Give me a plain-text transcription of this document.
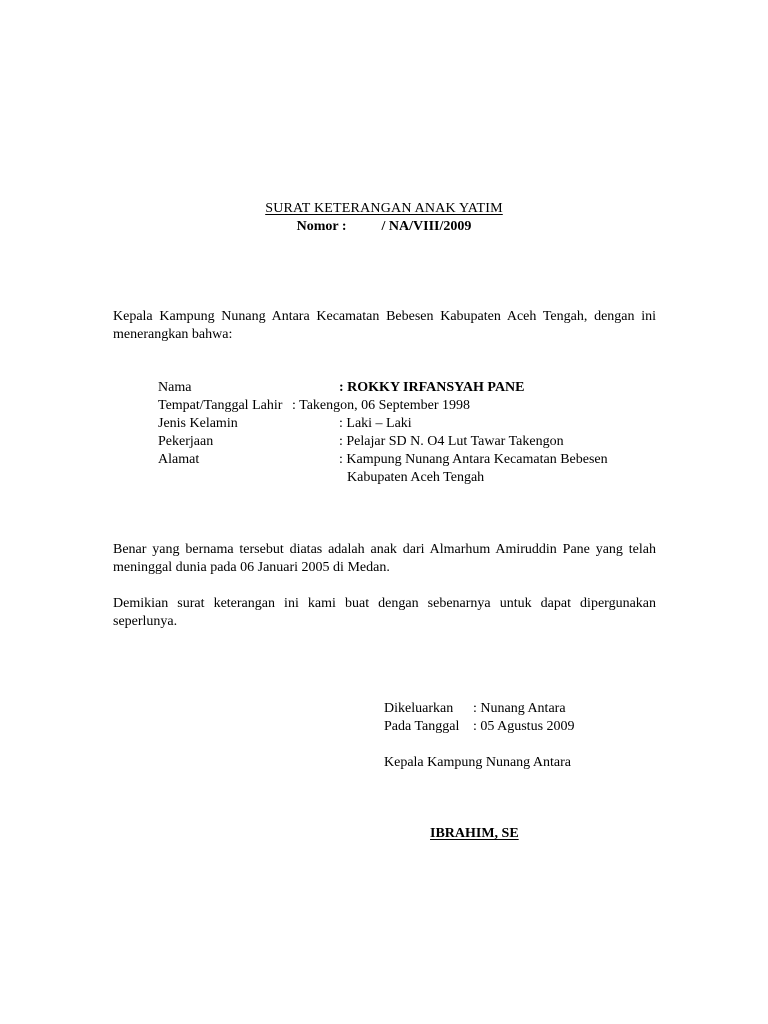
SURAT KETERANGAN ANAK YATIM
Nomor :          / NA/VIII/2009
Kepala Kampung Nunang Antara Kecamatan Bebesen Kabupaten Aceh Tengah, dengan ini menerangkan bahwa:
Nama	: ROKKY IRFANSYAH PANE
Tempat/Tanggal Lahir : Takengon, 06 September 1998
Jenis Kelamin	: Laki – Laki
Pekerjaan	: Pelajar SD N. O4 Lut Tawar Takengon
Alamat	: Kampung Nunang Antara Kecamatan Bebesen
Kabupaten Aceh Tengah
Benar yang bernama tersebut diatas adalah anak dari Almarhum Amiruddin Pane yang telah meninggal dunia pada 06 Januari 2005 di Medan.
Demikian surat keterangan ini kami buat dengan sebenarnya untuk dapat dipergunakan seperlunya.
Dikeluarkan : Nunang Antara
Pada Tanggal : 05 Agustus 2009
Kepala Kampung Nunang Antara
IBRAHIM, SE
